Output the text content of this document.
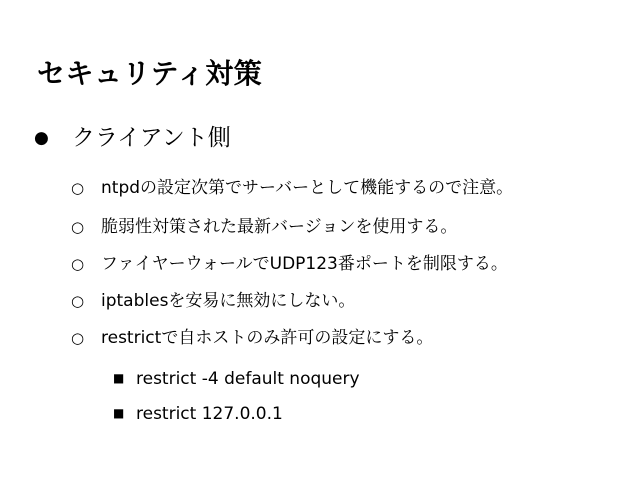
セキュリティ対策
● クライアント側
○ ntpdの設定次第でサーバーとして機能するので注意。
○ 脆弱性対策された最新バージョンを使用する。
○ ファイヤーウォールでUDP123番ポートを制限する。
○ iptablesを安易に無効にしない。
○ restrictで自ホストのみ許可の設定にする。
■ restrict -4 default noquery
■ restrict 127.0.0.1
